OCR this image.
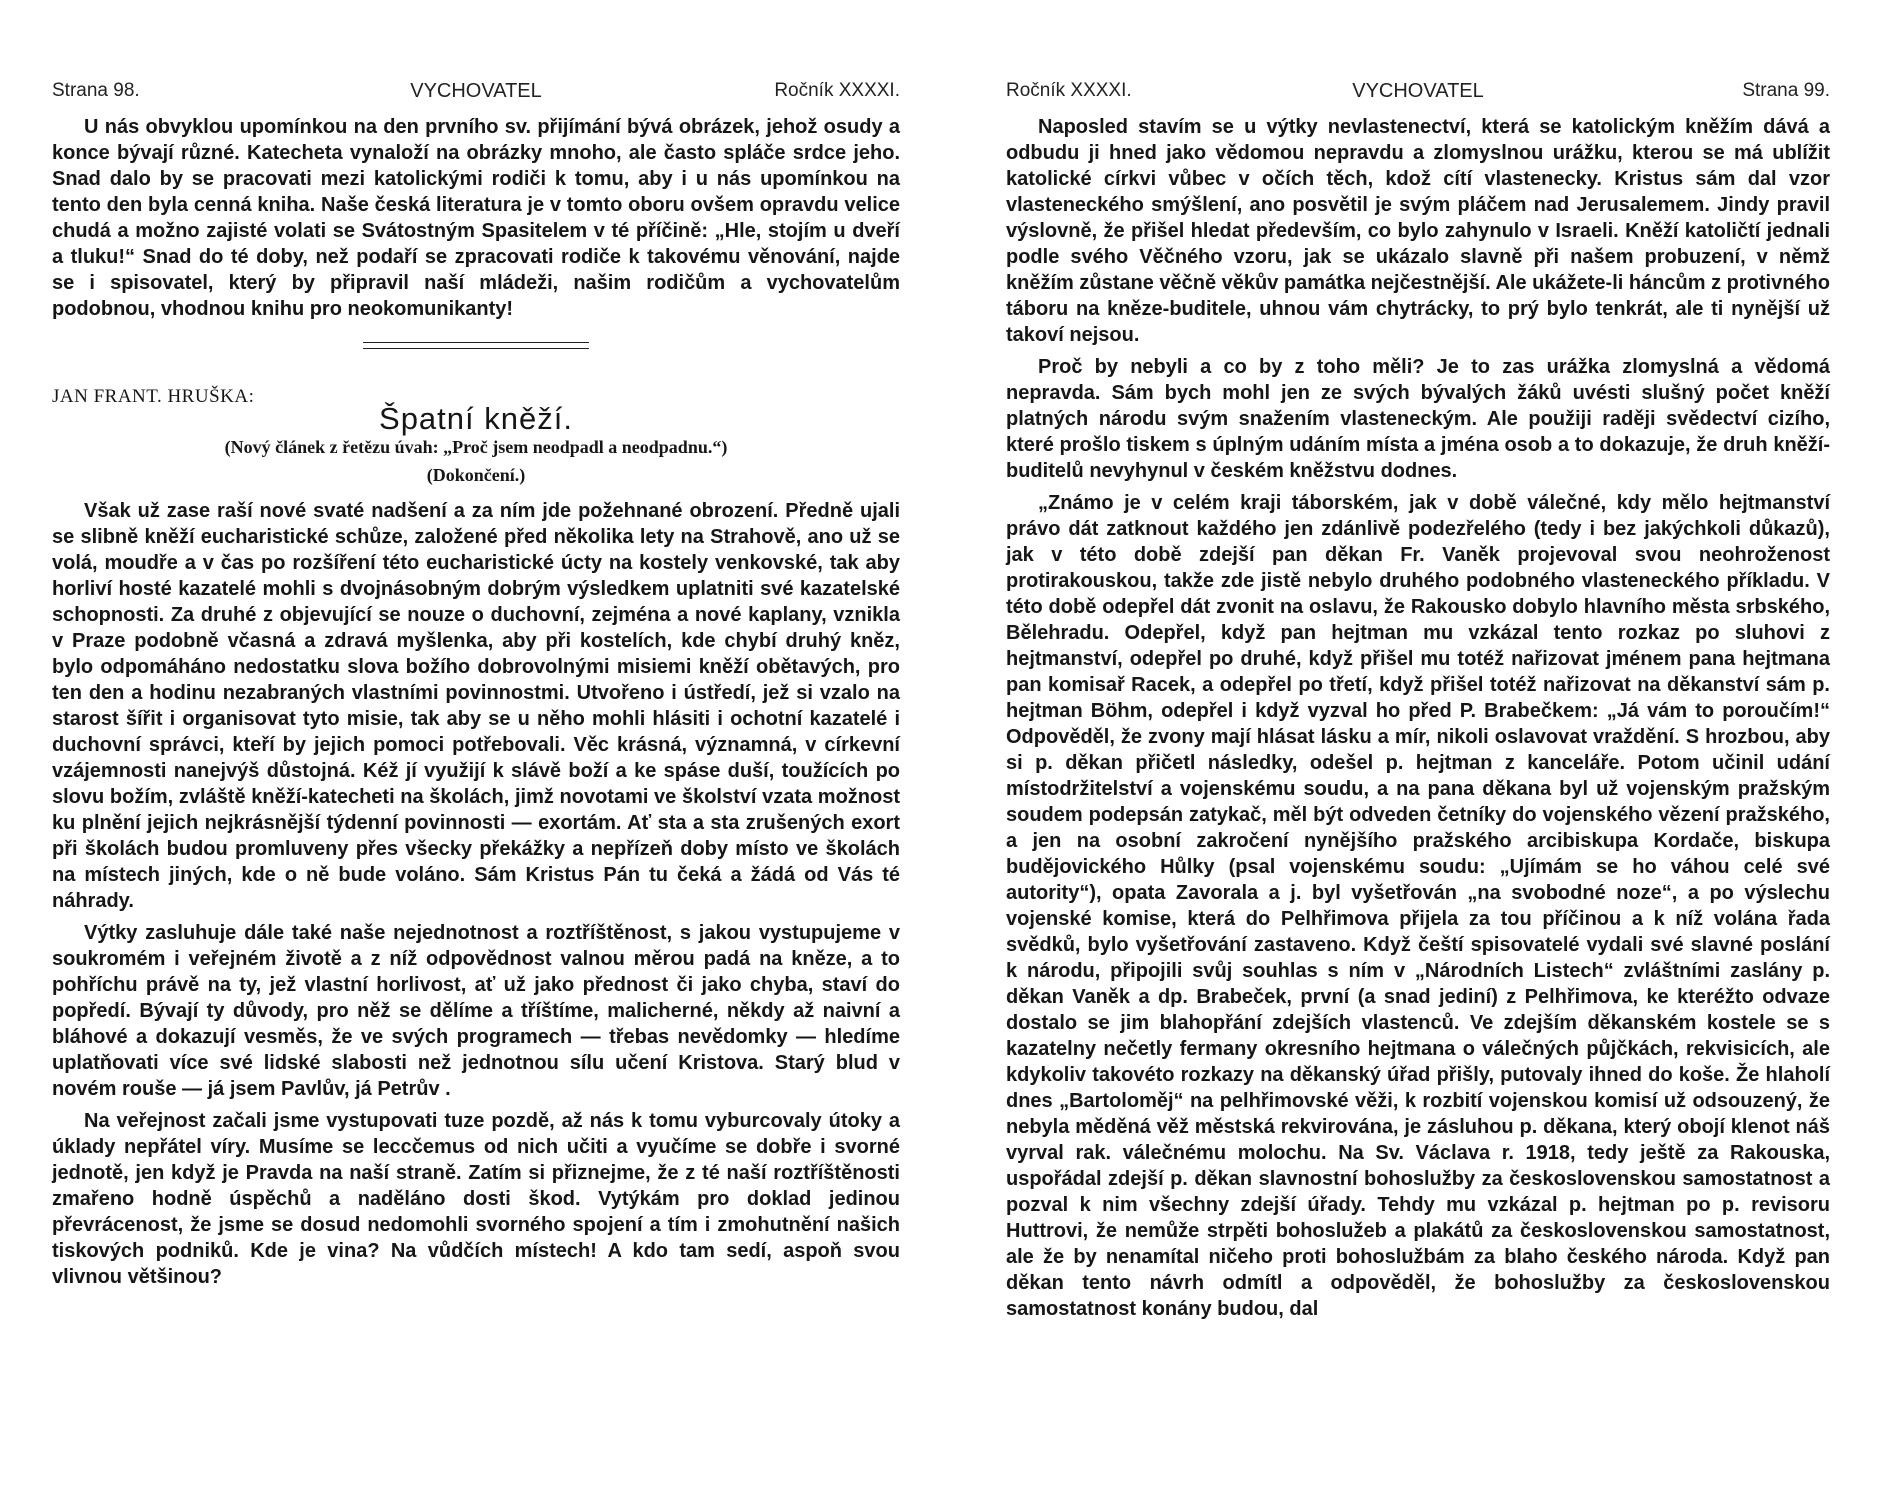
Strana 98.	VYCHOVATEL	Ročník XXXXI.

U nás obvyklou upomínkou na den prvního sv. přijímání bývá obrázek, jehož osudy a konce bývají různé. Katecheta vynaloží na obrázky mnoho, ale často spláče srdce jeho. Snad dalo by se pracovati mezi katolickými rodiči k tomu, aby i u nás upomínkou na tento den byla cenná kniha. Naše česká literatura je v tomto oboru ovšem opravdu velice chudá a možno zajisté volati se Svátostným Spasitelem v té příčině: „Hle, stojím u dveří a tluku!“ Snad do té doby, než podaří se zpracovati rodiče k takovému věnování, najde se i spisovatel, který by připravil naší mládeži, našim rodičům a vychovatelům podobnou, vhodnou knihu pro neokomunikanty!

JAN FRANT. HRUŠKA:
Špatní kněží.
(Nový článek z řetězu úvah: „Proč jsem neodpadl a neodpadnu.“)
(Dokončení.)

Však už zase raší nové svaté nadšení a za ním jde požehnané obrození. Předně ujali se slibně kněží eucharistické schůze, založené před několika lety na Strahově, ano už se volá, moudře a v čas po rozšíření této eucharistické úcty na kostely venkovské, tak aby horliví hosté kazatelé mohli s dvojnásobným dobrým výsledkem uplatniti své kazatelské schopnosti. Za druhé z objevující se nouze o duchovní, zejména a nové kaplany, vznikla v Praze podobně včasná a zdravá myšlenka, aby při kostelích, kde chybí druhý kněz, bylo odpomáháno nedostatku slova božího dobrovolnými misiemi kněží obětavých, pro ten den a hodinu nezabraných vlastními povinnostmi. Utvořeno i ústředí, jež si vzalo na starost šířit i organisovat tyto misie, tak aby se u něho mohli hlásiti i ochotní kazatelé i duchovní správci, kteří by jejich pomoci potřebovali. Věc krásná, významná, v církevní vzájemnosti nanejvýš důstojná. Kéž jí využijí k slávě boží a ke spáse duší, toužících po slovu božím, zvláště kněží-katecheti na školách, jimž novotami ve školství vzata možnost ku plnění jejich nejkrásnější týdenní povinnosti — exortám. Ať sta a sta zrušených exort při školách budou promluveny přes všecky překážky a nepřízeň doby místo ve školách na místech jiných, kde o ně bude voláno. Sám Kristus Pán tu čeká a žádá od Vás té náhrady.

Výtky zasluhuje dále také naše nejednotnost a roztříštěnost, s jakou vystupujeme v soukromém i veřejném životě a z níž odpovědnost valnou měrou padá na kněze, a to pohříchu právě na ty, jež vlastní horlivost, ať už jako přednost či jako chyba, staví do popředí. Bývají ty důvody, pro něž se dělíme a tříštíme, malicherné, někdy až naivní a bláhové a dokazují vesměs, že ve svých programech — třebas nevědomky — hledíme uplatňovati více své lidské slabosti než jednotnou sílu učení Kristova. Starý blud v novém rouše — já jsem Pavlův, já Petrův .

Na veřejnost začali jsme vystupovati tuze pozdě, až nás k tomu vyburcovaly útoky a úklady nepřátel víry. Musíme se leccčemus od nich učiti a vyučíme se dobře i svorné jednotě, jen když je Pravda na naší straně. Zatím si přiznejme, že z té naší roztříštěnosti zmařeno hodně úspěchů a naděláno dosti škod. Vytýkám pro doklad jedinou převrácenost, že jsme se dosud nedomohli svorného spojení a tím i zmohutnění našich tiskových podniků. Kde je vina? Na vůdčích místech! A kdo tam sedí, aspoň svou vlivnou většinou?

Ročník XXXXI.	VYCHOVATEL	Strana 99.

Naposled stavím se u výtky nevlastenectví, která se katolickým kněžím dává a odbudu ji hned jako vědomou nepravdu a zlomyslnou urážku, kterou se má ublížit katolické církvi vůbec v očích těch, kdož cítí vlastenecky. Kristus sám dal vzor vlasteneckého smýšlení, ano posvětil je svým pláčem nad Jerusalemem. Jindy pravil výslovně, že přišel hledat především, co bylo zahynulo v Israeli. Kněží katoličtí jednali podle svého Věčného vzoru, jak se ukázalo slavně při našem probuzení, v němž kněžím zůstane věčně věkův památka nejčestnější. Ale ukážete-li háncům z protivného táboru na kněze-buditele, uhnou vám chytrácky, to prý bylo tenkrát, ale ti nynější už takoví nejsou.

Proč by nebyli a co by z toho měli? Je to zas urážka zlomyslná a vědomá nepravda. Sám bych mohl jen ze svých bývalých žáků uvésti slušný počet kněží platných národu svým snažením vlasteneckým. Ale použiji raději svědectví cizího, které prošlo tiskem s úplným udáním místa a jména osob a to dokazuje, že druh kněží-buditelů nevyhynul v českém kněžstvu dodnes.

„Známo je v celém kraji táborském, jak v době válečné, kdy mělo hejtmanství právo dát zatknout každého jen zdánlivě podezřelého (tedy i bez jakýchkoli důkazů), jak v této době zdejší pan děkan Fr. Vaněk projevoval svou neohroženost protirakouskou, takže zde jistě nebylo druhého podobného vlasteneckého příkladu. V této době odepřel dát zvonit na oslavu, že Rakousko dobylo hlavního města srbského, Bělehradu. Odepřel, když pan hejtman mu vzkázal tento rozkaz po sluhovi z hejtmanství, odepřel po druhé, když přišel mu totéž nařizovat jménem pana hejtmana pan komisař Racek, a odepřel po třetí, když přišel totéž nařizovat na děkanství sám p. hejtman Böhm, odepřel i když vyzval ho před P. Brabečkem: „Já vám to poroučím!“ Odpověděl, že zvony mají hlásat lásku a mír, nikoli oslavovat vraždění. S hrozbou, aby si p. děkan přičetl následky, odešel p. hejtman z kanceláře. Potom učinil udání místodržitelství a vojenskému soudu, a na pana děkana byl už vojenským pražským soudem podepsán zatykač, měl být odveden četníky do vojenského vězení pražského, a jen na osobní zakročení nynějšího pražského arcibiskupa Kordače, biskupa budějovického Hůlky (psal vojenskému soudu: „Ujímám se ho váhou celé své autority“), opata Zavorala a j. byl vyšetřován „na svobodné noze“, a po výslechu vojenské komise, která do Pelhřimova přijela za tou příčinou a k níž volána řada svědků, bylo vyšetřování zastaveno. Když čeští spisovatelé vydali své slavné poslání k národu, připojili svůj souhlas s ním v „Národních Listech“ zvláštními zaslány p. děkan Vaněk a dp. Brabeček, první (a snad jediní) z Pelhřimova, ke kteréžto odvaze dostalo se jim blahopřání zdejších vlastenců. Ve zdejším děkanském kostele se s kazatelny nečetly fermany okresního hejtmana o válečných půjčkách, rekvisicích, ale kdykoliv takovéto rozkazy na děkanský úřad přišly, putovaly ihned do koše. Že hlaholí dnes „Bartoloměj“ na pelhřimovské věži, k rozbití vojenskou komisí už odsouzený, že nebyla měděná věž městská rekvirována, je zásluhou p. děkana, který obojí klenot náš vyrval rak. válečnému molochu. Na Sv. Václava r. 1918, tedy ještě za Rakouska, uspořádal zdejší p. děkan slavnostní bohoslužby za československou samostatnost a pozval k nim všechny zdejší úřady. Tehdy mu vzkázal p. hejtman po p. revisoru Huttrovi, že nemůže strpěti bohoslužeb a plakátů za československou samostatnost, ale že by nenamítal ničeho proti bohoslužbám za blaho českého národa. Když pan děkan tento návrh odmítl a odpověděl, že bohoslužby za československou samostatnost konány budou, dal
